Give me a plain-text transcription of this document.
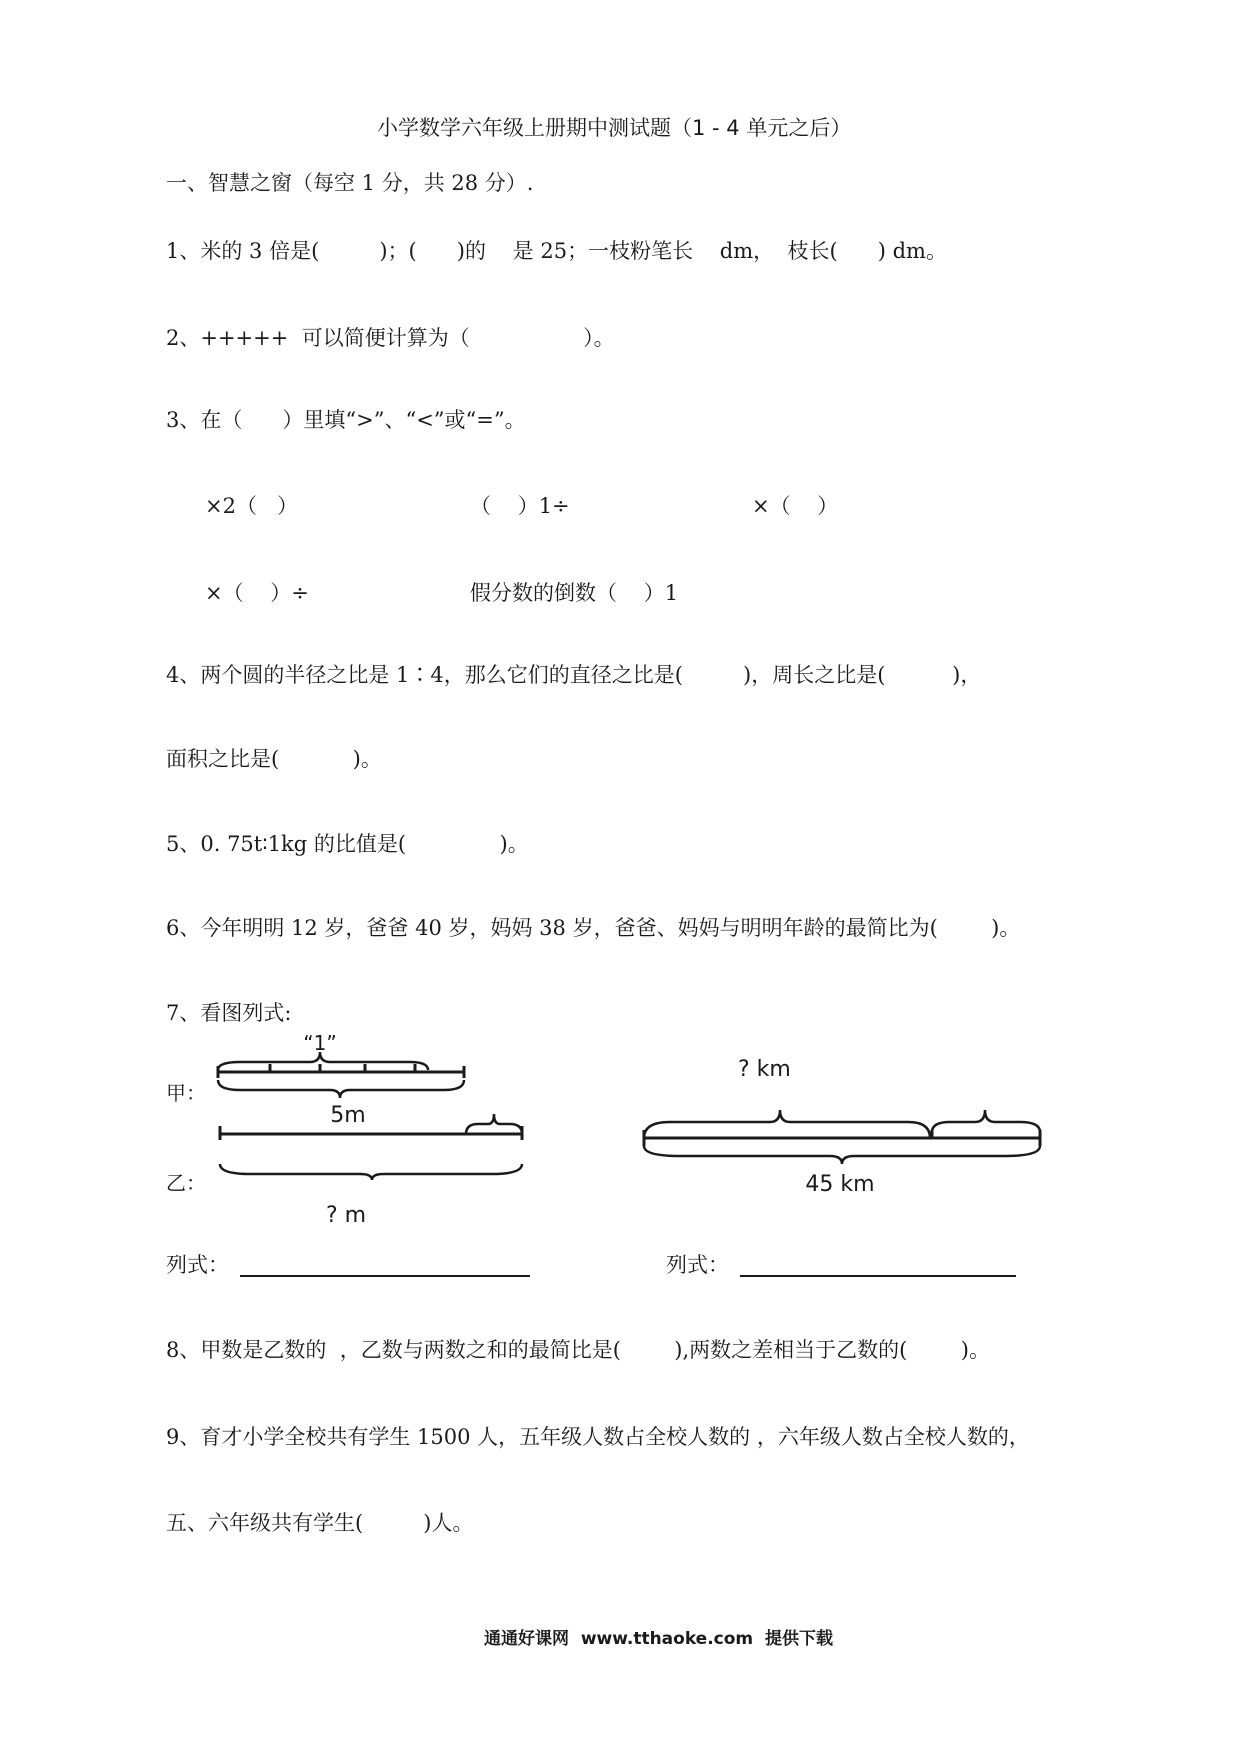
小学数学六年级上册期中测试题（1 - 4 单元之后）
一、智慧之窗（每空 1 分，共 28 分）.
1、米的 3 倍是(         )；(      )的    是 25；一枝粉笔长    dm，  枝长(      ) dm。
2、+++++  可以简便计算为（                 ）。
3、在（      ）里填“>”、“<”或“=”。
×2（   ）	（    ）1÷	×（    ）
×（    ）÷	假分数的倒数（    ）1
4、两个圆的半径之比是 1∶4，那么它们的直径之比是(         )，周长之比是(          )，
面积之比是(           )。
5、0. 75t∶1kg 的比值是(              )。
6、今年明明 12 岁，爸爸 40 岁，妈妈 38 岁，爸爸、妈妈与明明年龄的最简比为(        )。
7、看图列式:
“1”
甲：
5m
乙：
? m
? km
45 km
列式：	列式：
8、甲数是乙数的  ，乙数与两数之和的最简比是(        ),两数之差相当于乙数的(        )。
9、育才小学全校共有学生 1500 人，五年级人数占全校人数的 ，六年级人数占全校人数的，
五、六年级共有学生(         )人。
通通好课网  www.tthaoke.com  提供下载
